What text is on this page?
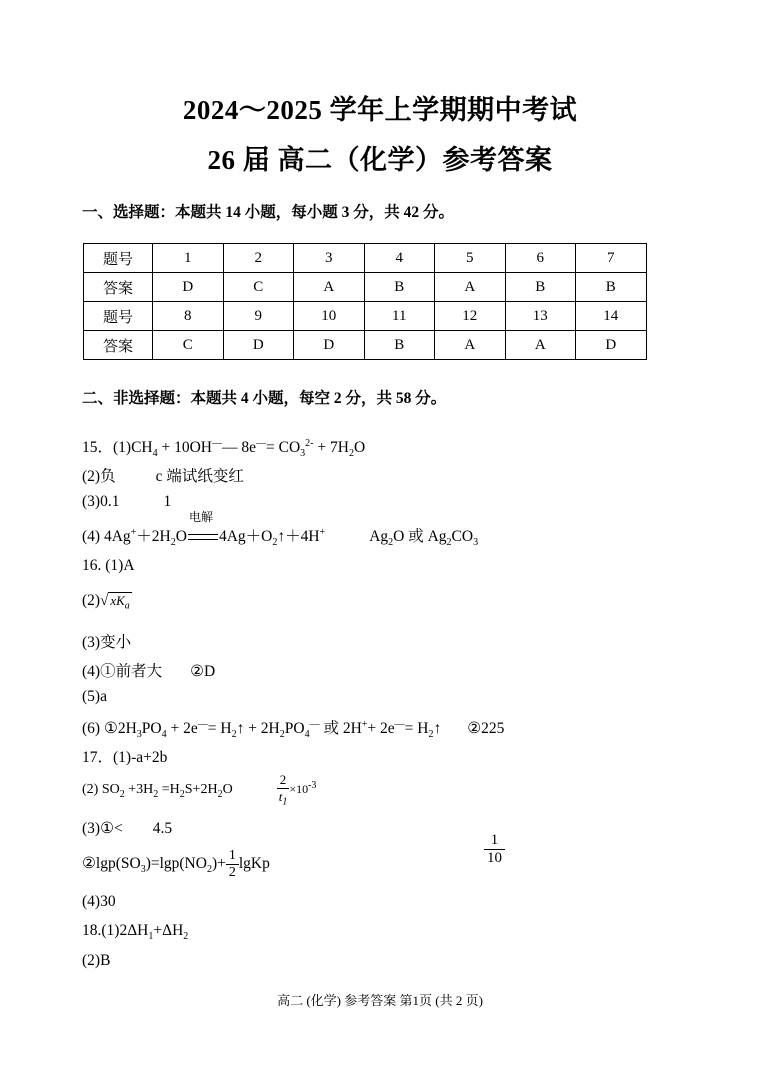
2024～2025 学年上学期期中考试
26 届 高二（化学）参考答案
一、选择题：本题共 14 小题，每小题 3 分，共 42 分。
题号	1	2	3	4	5	6	7
答案	D	C	A	B	A	B	B
题号	8	9	10	11	12	13	14
答案	C	D	D	B	A	A	D
二、非选择题：本题共 4 小题，每空 2 分，共 58 分。
15．$(1)CH_4$ + 10OH—— $8e^—= CO_3^{2-} + 7H_2O$
(2)负	c 端试纸变红
(3)0.1	1
(4) $4Ag^++2H_2O$
电解
$4Ag+O_2↑+4H^+$	$Ag_2O$ 或 $Ag_2CO_3$
16. (1)A
(2)√ $xK_a$
(3)变小
(4)①前者大 ②D
(5)a
(6) $①2H_3PO_4 + 2e^—=$ $H_2↑ + 2H_2PO_4^—$ 或 $2H^++ 2e^—= H_2↑$ ②225
17．(1)-a+2b
(2) $SO_2 +3H_2 =H_2S+2H_2O$	$\frac{2}{t_1} \times 10^{-3}$
(3)①< 4.5
$②\lg p(SO_3)=\lg p(NO_2)+ \frac{1}{2}$ lgKp	$\frac{1}{10}$
(4)30
$18.(1)2\Delta H_1+\Delta H_2$
(2)B
高二 (化学) 参考答案 第1页 (共 2 页)
